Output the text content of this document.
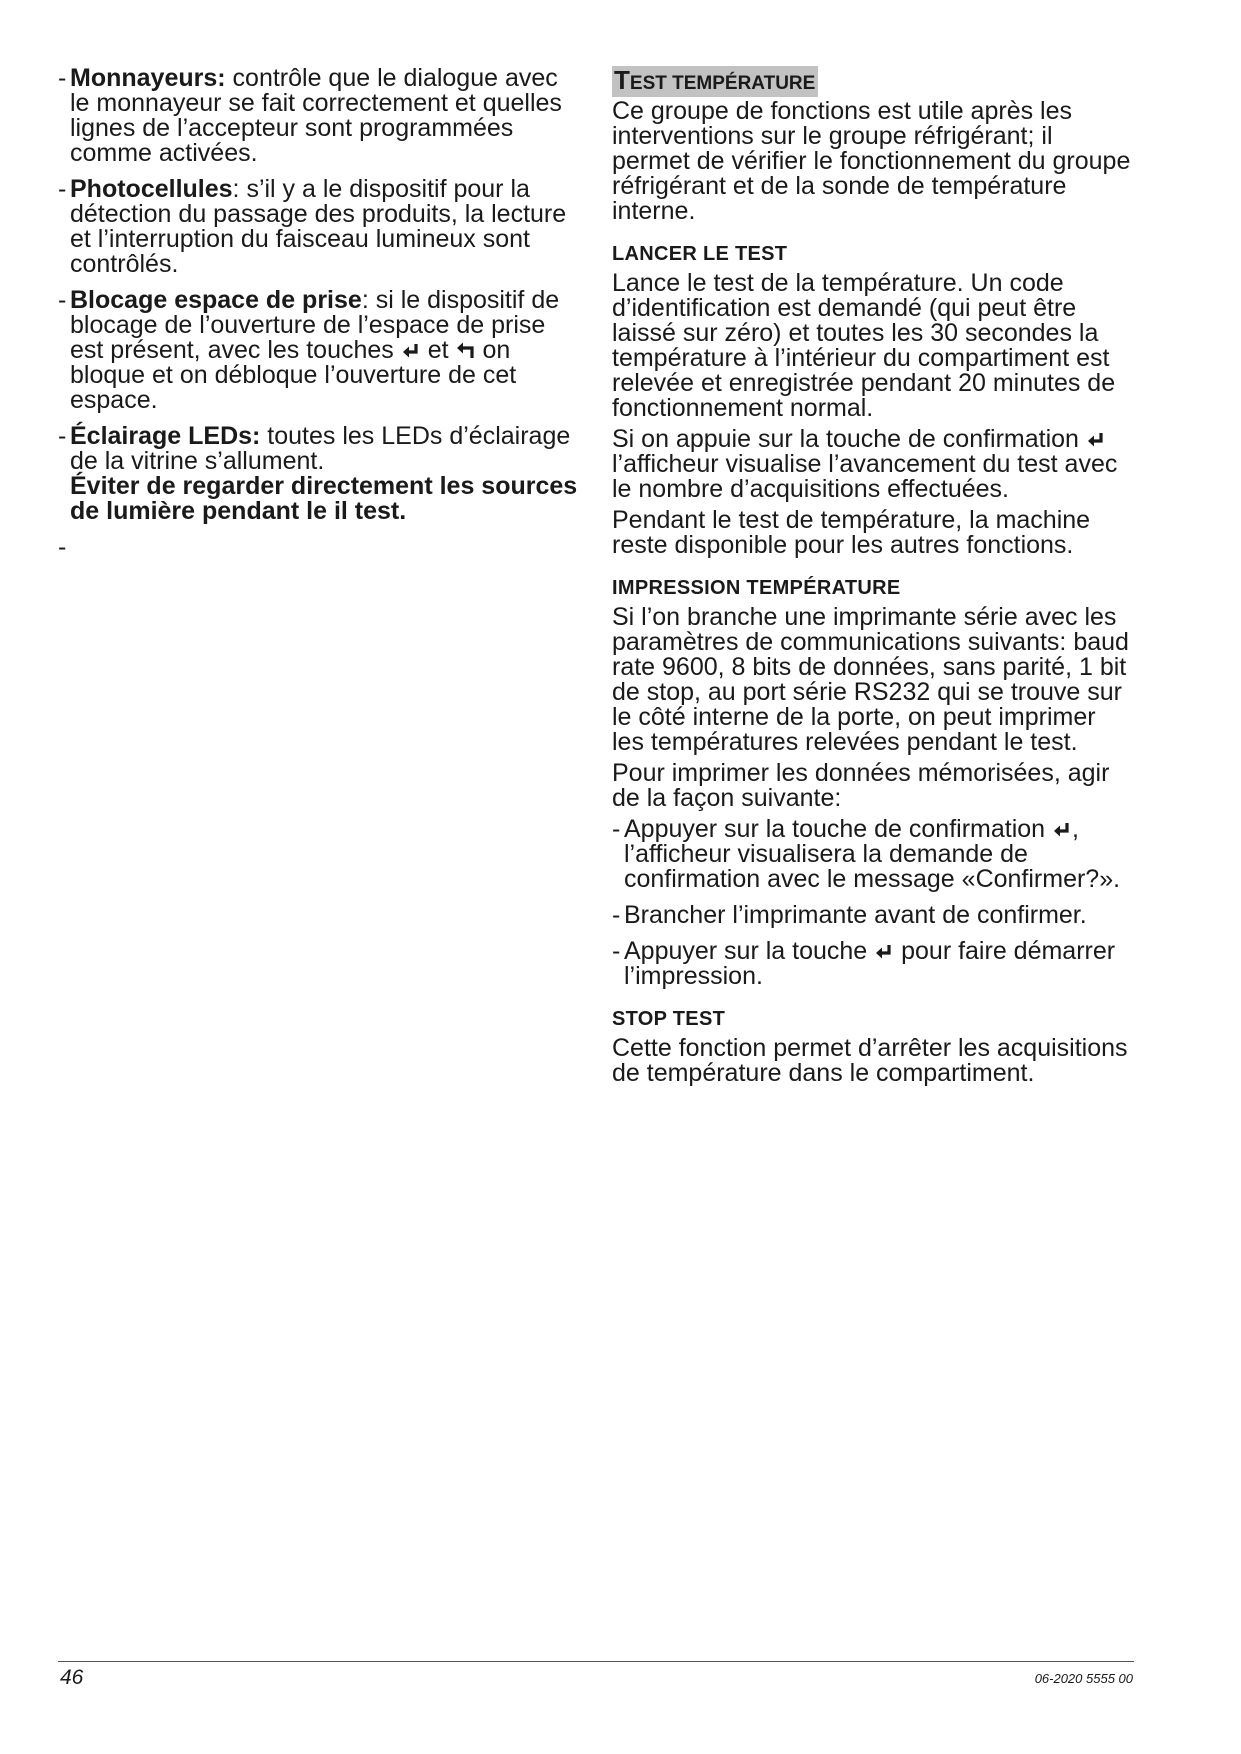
- Monnayeurs: contrôle que le dialogue avec le monnayeur se fait correctement et quelles lignes de l’accepteur sont programmées comme activées.
- Photocellules: s’il y a le dispositif pour la détection du passage des produits, la lecture et l’interruption du faisceau lumineux sont contrôlés.
- Blocage espace de prise: si le dispositif de blocage de l’ouverture de l’espace de prise est présent, avec les touches  et  on bloque et on débloque l’ouverture de cet espace.
- Éclairage LEDs: toutes les LEDs d’éclairage de la vitrine s’allument.
Éviter de regarder directement les sources de lumière pendant le il test.
-
TEST TEMPÉRATURE

Ce groupe de fonctions est utile après les interventions sur le groupe réfrigérant; il permet de vérifier le fonctionnement du groupe réfrigérant et de la sonde de température interne.

LANCER LE TEST

Lance le test de la température. Un code d’identification est demandé (qui peut être laissé sur zéro) et toutes les 30 secondes la température à l’intérieur du compartiment est relevée et enregistrée pendant 20 minutes de fonctionnement normal.

Si on appuie sur la touche de confirmation  l’afficheur visualise l’avancement du test avec le nombre d’acquisitions effectuées.

Pendant le test de température, la machine reste disponible pour les autres fonctions.

IMPRESSION TEMPÉRATURE

Si l’on branche une imprimante série avec les paramètres de communications suivants: baud rate 9600, 8 bits de données, sans parité, 1 bit de stop, au port série RS232 qui se trouve sur le côté interne de la porte, on peut imprimer les températures relevées pendant le test.

Pour imprimer les données mémorisées, agir de la façon suivante:

- Appuyer sur la touche de confirmation , l’afficheur visualisera la demande de confirmation avec le message «Confirmer?».
- Brancher l’imprimante avant de confirmer.
- Appuyer sur la touche  pour faire démarrer l’impression.
STOP TEST

Cette fonction permet d’arrêter les acquisitions de température dans le compartiment.

46	06-2020 5555 00
